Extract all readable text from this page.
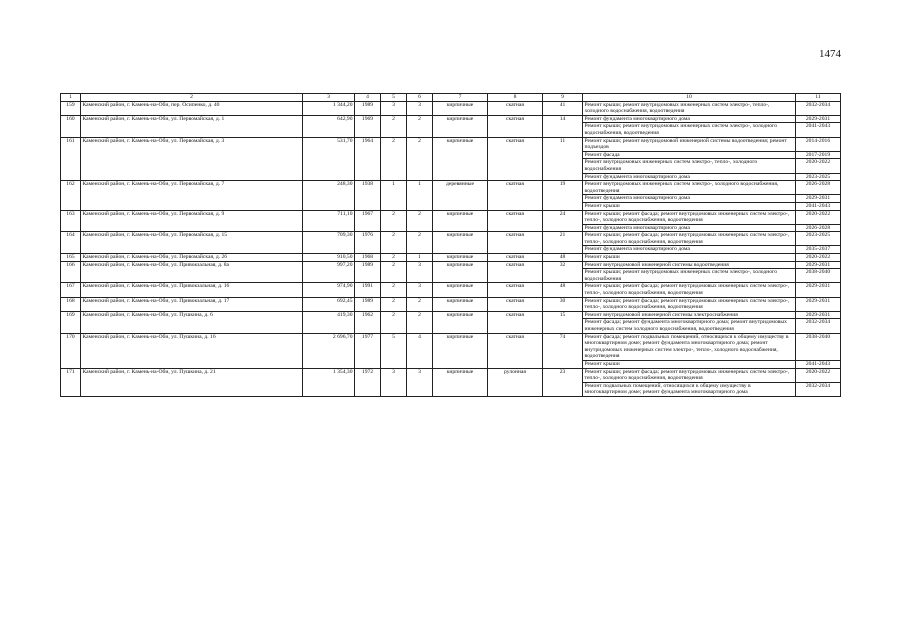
1474
1	2	3	4	5	6	7	8	9	10	11
159	Каменский район, г. Камень-на-Оби, пер. Осипенко, д. 40	1 344,20	1989	3	3	кирпичные	скатная	41	Ремонт крыши; ремонт внутридомовых инженерных систем электро-, тепло-, холодного водоснабжения, водоотведения	2032-2034
160	Каменский район, г. Камень-на-Оби, ул. Первомайская, д. 1	642,90	1969	2	2	кирпичные	скатная	14	Ремонт фундамента многоквартирного дома	2029-2031
									Ремонт крыши; ремонт внутридомовых инженерных систем электро-, холодного водоснабжения, водоотведения	2041-2043
161	Каменский район, г. Камень-на-Оби, ул. Первомайская, д. 3	531,70	1964	2	2	кирпичные	скатная	11	Ремонт крыши; ремонт внутридомовой инженерной системы водоотведения; ремонт подъездов	2014-2016
									Ремонт фасада	2017-2019
									Ремонт внутридомовых инженерных систем электро-, тепло-, холодного водоснабжения	2020-2022
									Ремонт фундамента многоквартирного дома	2023-2025
162	Каменский район, г. Камень-на-Оби, ул. Первомайская, д. 7	248,30	1938	1	1	деревянные	скатная	19	Ремонт внутридомовых инженерных систем электро-, холодного водоснабжения, водоотведения	2026-2028
									Ремонт фундамента многоквартирного дома	2029-2031
									Ремонт крыши	2041-2043
163	Каменский район, г. Камень-на-Оби, ул. Первомайская, д. 9	711,10	1967	2	2	кирпичные	скатная	24	Ремонт крыши; ремонт фасада; ремонт внутридомовых инженерных систем электро-, тепло-, холодного водоснабжения, водоотведения	2020-2022
									Ремонт фундамента многоквартирного дома	2026-2028
164	Каменский район, г. Камень-на-Оби, ул. Первомайская, д. 15	709,30	1976	2	2	кирпичные	скатная	21	Ремонт крыши; ремонт фасада; ремонт внутридомовых инженерных систем электро-, тепло-, холодного водоснабжения, водоотведения	2023-2025
									Ремонт фундамента многоквартирного дома	2035-2037
165	Каменский район, г. Камень-на-Оби, ул. Первомайская, д. 26	910,50	1968	2	1	кирпичные	скатная	48	Ремонт крыши	2020-2022
166	Каменский район, г. Камень-на-Оби, ул. Привокзальная, д. 8а	997,20	1989	2	3	кирпичные	скатная	32	Ремонт внутридомовой инженерной системы водоотведения	2029-2031
									Ремонт крыши; ремонт внутридомовых инженерных систем электро-, холодного водоснабжения	2038-2040
167	Каменский район, г. Камень-на-Оби, ул. Привокзальная, д. 16	974,90	1991	2	3	кирпичные	скатная	48	Ремонт крыши; ремонт фасада; ремонт внутридомовых инженерных систем электро-, тепло-, холодного водоснабжения, водоотведения	2029-2031
168	Каменский район, г. Камень-на-Оби, ул. Привокзальная, д. 17	692,45	1989	2	2	кирпичные	скатная	30	Ремонт крыши; ремонт фасада; ремонт внутридомовых инженерных систем электро-, тепло-, холодного водоснабжения, водоотведения	2029-2031
169	Каменский район, г. Камень-на-Оби, ул. Пушкина, д. 6	419,30	1962	2	2	кирпичные	скатная	15	Ремонт внутридомовой инженерной системы электроснабжения	2029-2031
									Ремонт фасада; ремонт фундамента многоквартирного дома; ремонт внутридомовых инженерных систем холодного водоснабжения, водоотведения	2032-2034
170	Каменский район, г. Камень-на-Оби, ул. Пушкина, д. 16	2 696,70	1977	5	4	кирпичные	скатная	74	Ремонт фасада; ремонт подвальных помещений, относящихся к общему имуществу в многоквартирном доме; ремонт фундамента многоквартирного дома; ремонт внутридомовых инженерных систем электро-, тепло-, холодного водоснабжения, водоотведения	2038-2040
									Ремонт крыши	2041-2043
171	Каменский район, г. Камень-на-Оби, ул. Пушкина, д. 21	1 354,30	1972	3	3	кирпичные	рулонная	23	Ремонт крыши; ремонт фасада; ремонт внутридомовых инженерных систем электро-, тепло-, холодного водоснабжения, водоотведения	2020-2022
									Ремонт подвальных помещений, относящихся к общему имуществу в многоквартирном доме; ремонт фундамента многоквартирного дома	2032-2034
